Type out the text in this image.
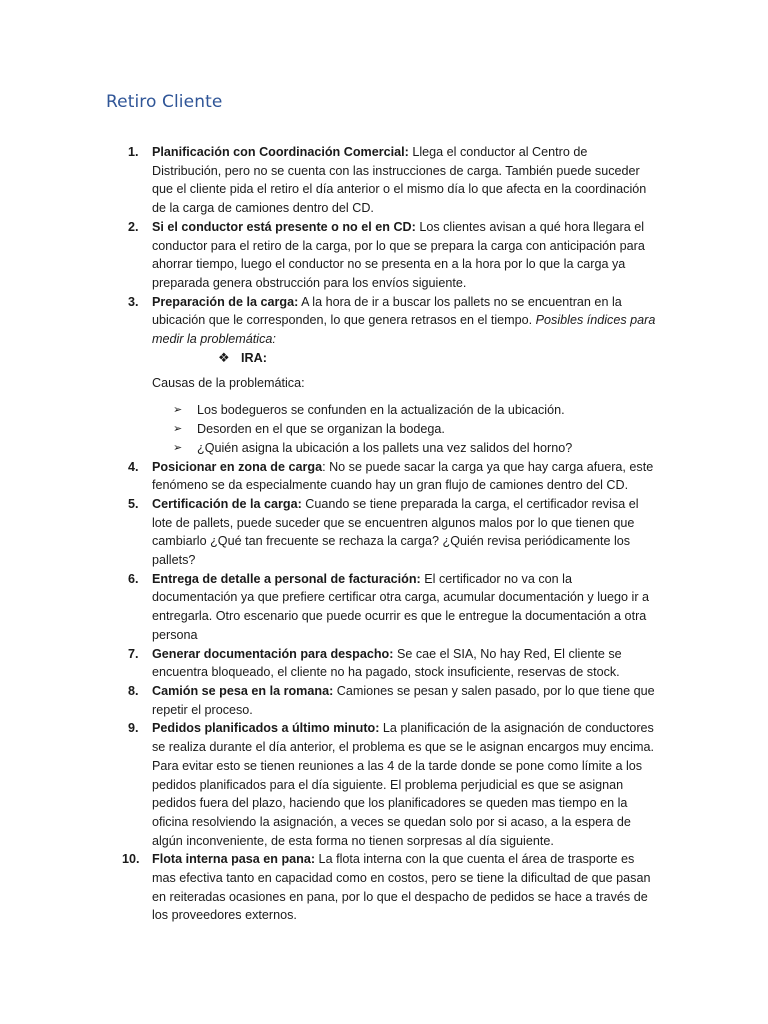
Retiro Cliente
1. Planificación con Coordinación Comercial: Llega el conductor al Centro de Distribución, pero no se cuenta con las instrucciones de carga. También puede suceder que el cliente pida el retiro el día anterior o el mismo día lo que afecta en la coordinación de la carga de camiones dentro del CD.
2. Si el conductor está presente o no el en CD: Los clientes avisan a qué hora llegara el conductor para el retiro de la carga, por lo que se prepara la carga con anticipación para ahorrar tiempo, luego el conductor no se presenta en a la hora por lo que la carga ya preparada genera obstrucción para los envíos siguiente.
3. Preparación de la carga: A la hora de ir a buscar los pallets no se encuentran en la ubicación que le corresponden, lo que genera retrasos en el tiempo. Posibles índices para medir la problemática:
❖ IRA:
Causas de la problemática:
➢ Los bodegueros se confunden en la actualización de la ubicación.
➢ Desorden en el que se organizan la bodega.
➢ ¿Quién asigna la ubicación a los pallets una vez salidos del horno?
4. Posicionar en zona de carga: No se puede sacar la carga ya que hay carga afuera, este fenómeno se da especialmente cuando hay un gran flujo de camiones dentro del CD.
5. Certificación de la carga: Cuando se tiene preparada la carga, el certificador revisa el lote de pallets, puede suceder que se encuentren algunos malos por lo que tienen que cambiarlo ¿Qué tan frecuente se rechaza la carga? ¿Quién revisa periódicamente los pallets?
6. Entrega de detalle a personal de facturación: El certificador no va con la documentación ya que prefiere certificar otra carga, acumular documentación y luego ir a entregarla. Otro escenario que puede ocurrir es que le entregue la documentación a otra persona
7. Generar documentación para despacho: Se cae el SIA, No hay Red, El cliente se encuentra bloqueado, el cliente no ha pagado, stock insuficiente, reservas de stock.
8. Camión se pesa en la romana: Camiones se pesan y salen pasado, por lo que tiene que repetir el proceso.
9. Pedidos planificados a último minuto: La planificación de la asignación de conductores se realiza durante el día anterior, el problema es que se le asignan encargos muy encima. Para evitar esto se tienen reuniones a las 4 de la tarde donde se pone como límite a los pedidos planificados para el día siguiente. El problema perjudicial es que se asignan pedidos fuera del plazo, haciendo que los planificadores se queden mas tiempo en la oficina resolviendo la asignación, a veces se quedan solo por si acaso, a la espera de algún inconveniente, de esta forma no tienen sorpresas al día siguiente.
10. Flota interna pasa en pana: La flota interna con la que cuenta el área de trasporte es mas efectiva tanto en capacidad como en costos, pero se tiene la dificultad de que pasan en reiteradas ocasiones en pana, por lo que el despacho de pedidos se hace a través de los proveedores externos.
